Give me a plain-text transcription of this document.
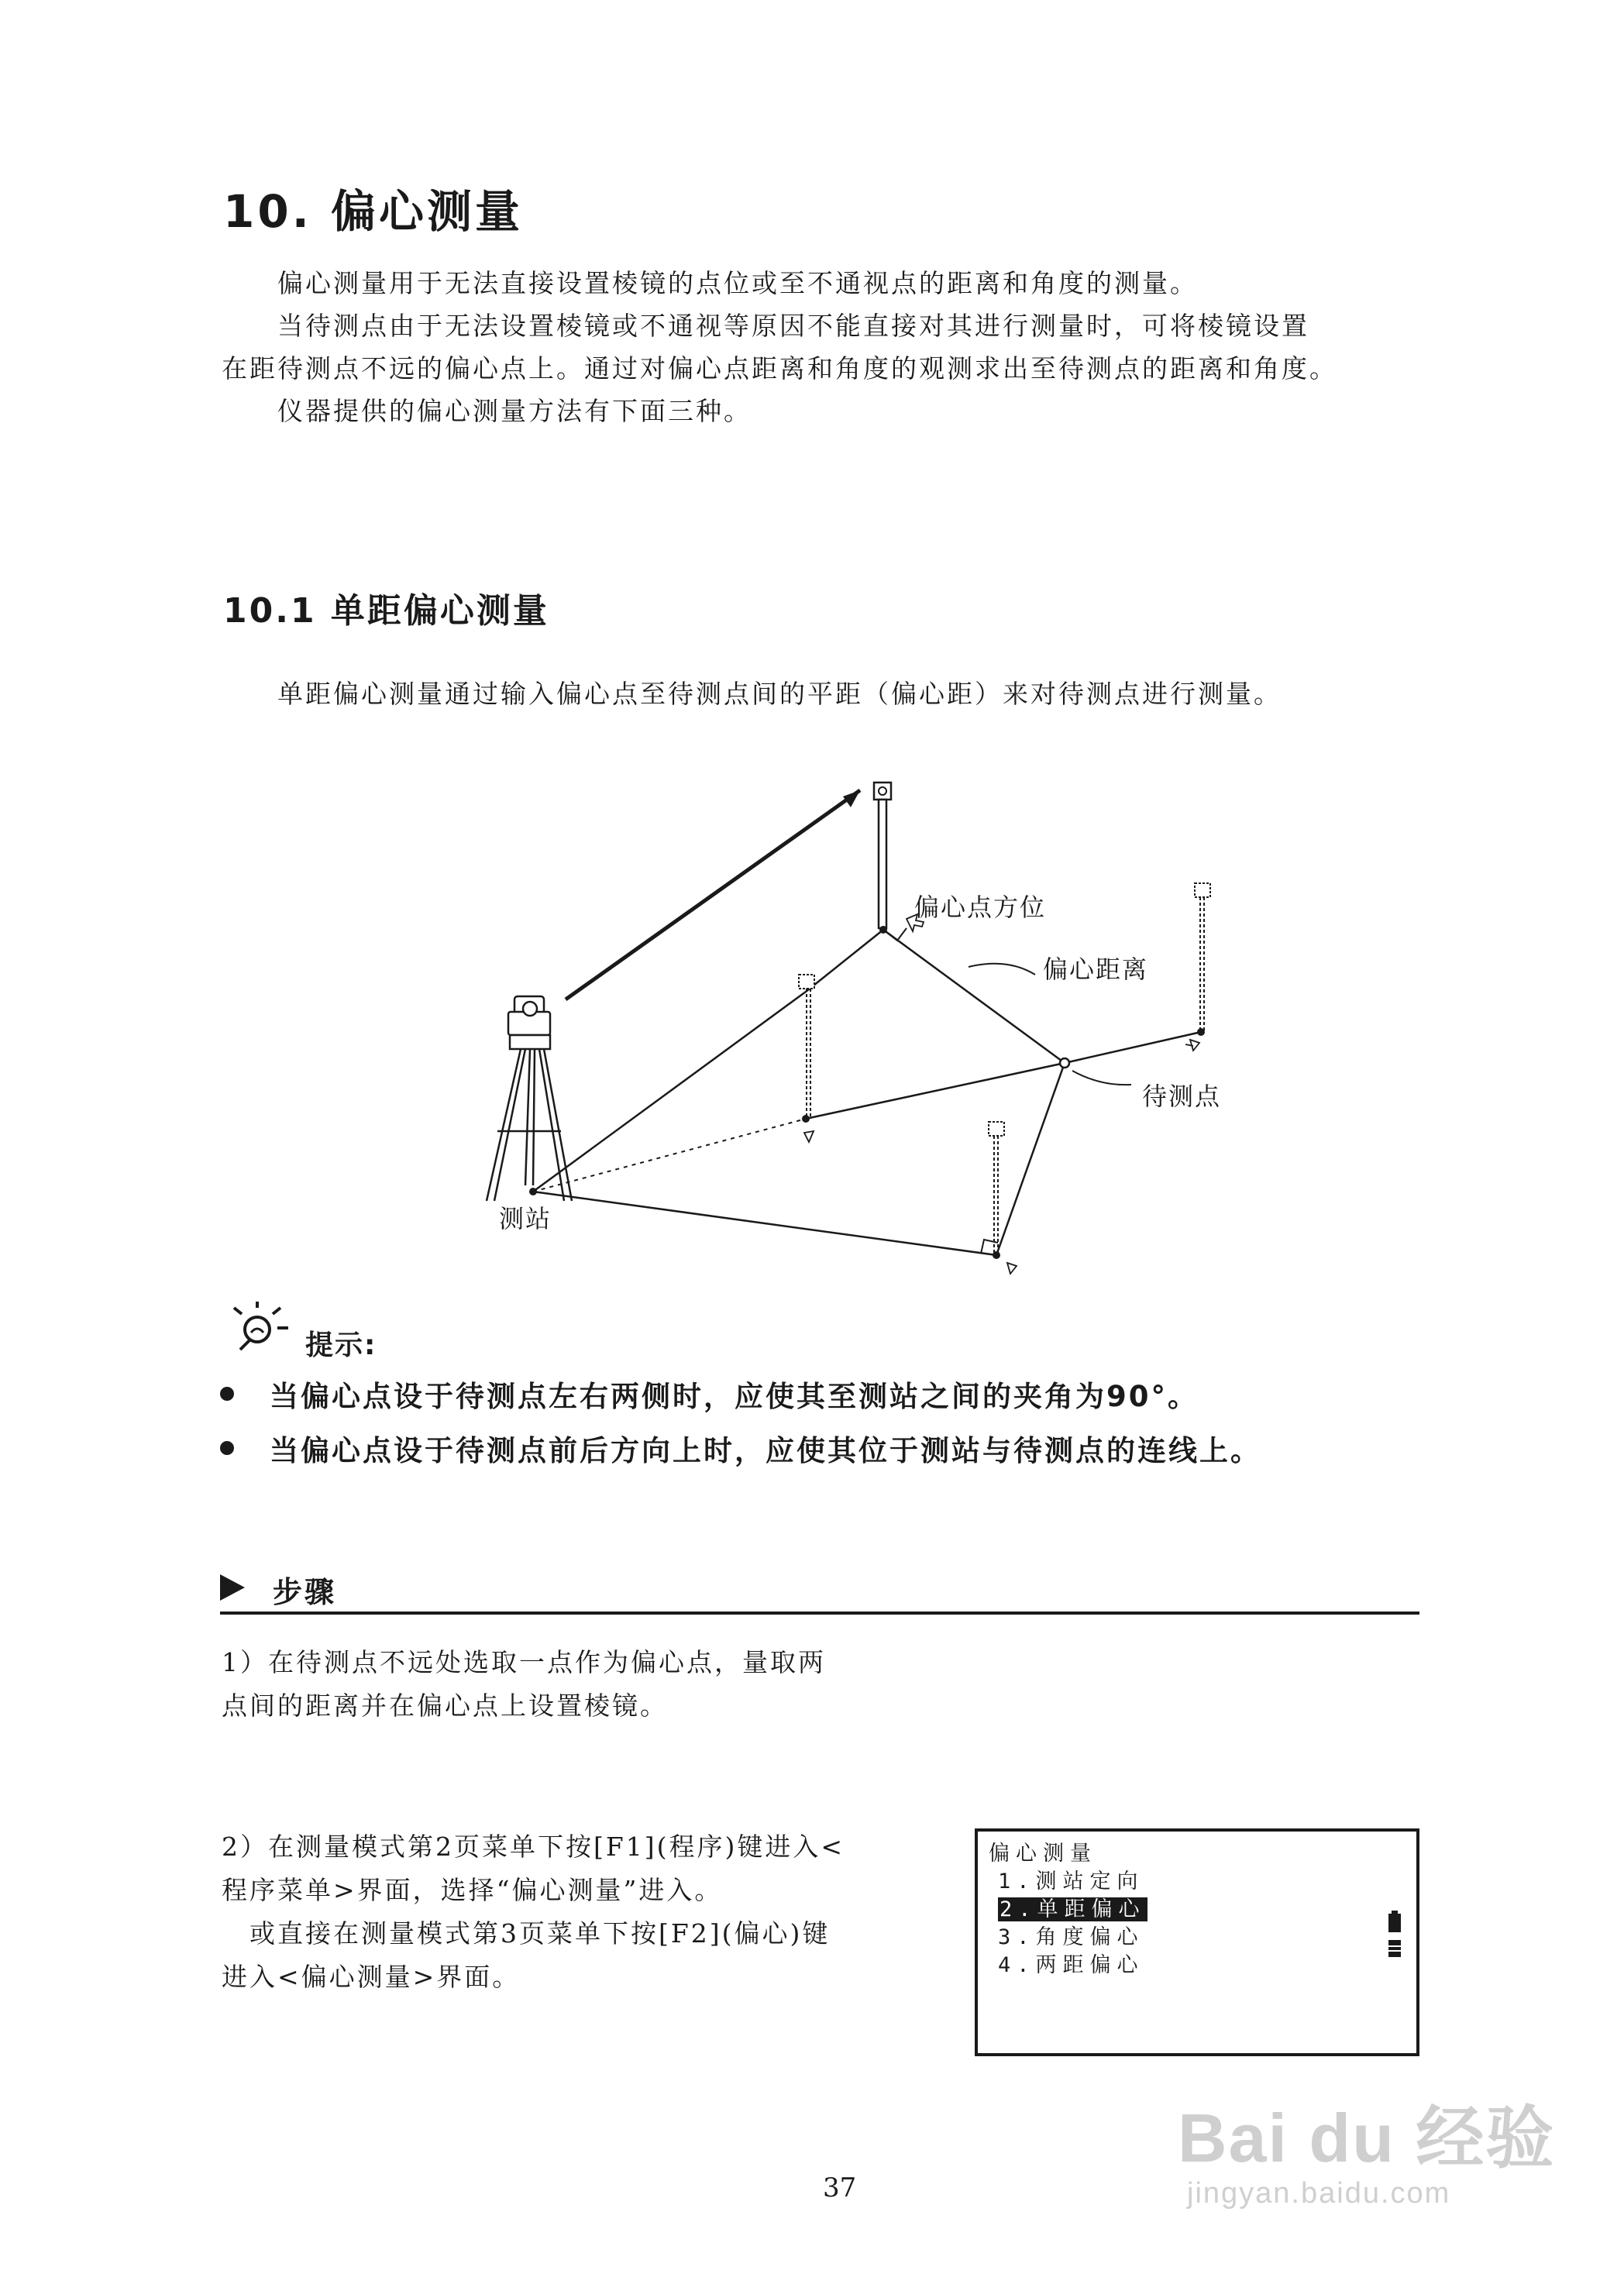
10. 偏心测量
偏心测量用于无法直接设置棱镜的点位或至不通视点的距离和角度的测量。
当待测点由于无法设置棱镜或不通视等原因不能直接对其进行测量时，可将棱镜设置
在距待测点不远的偏心点上。通过对偏心点距离和角度的观测求出至待测点的距离和角度。
仪器提供的偏心测量方法有下面三种。
10.1 单距偏心测量
单距偏心测量通过输入偏心点至待测点间的平距（偏心距）来对待测点进行测量。
偏心点方位
偏心距离
待测点
测站
提示:
当偏心点设于待测点左右两侧时，应使其至测站之间的夹角为90°。
当偏心点设于待测点前后方向上时，应使其位于测站与待测点的连线上。
步骤
1）在待测点不远处选取一点作为偏心点，量取两
点间的距离并在偏心点上设置棱镜。
2）在测量模式第2页菜单下按[F1](程序)键进入<
程序菜单>界面，选择“偏心测量”进入。
或直接在测量模式第3页菜单下按[F2](偏心)键
进入<偏心测量>界面。
偏心测量
1.测站定向
2.单距偏心
3.角度偏心
4.两距偏心
37
Bai du 经验
jingyan.baidu.com
